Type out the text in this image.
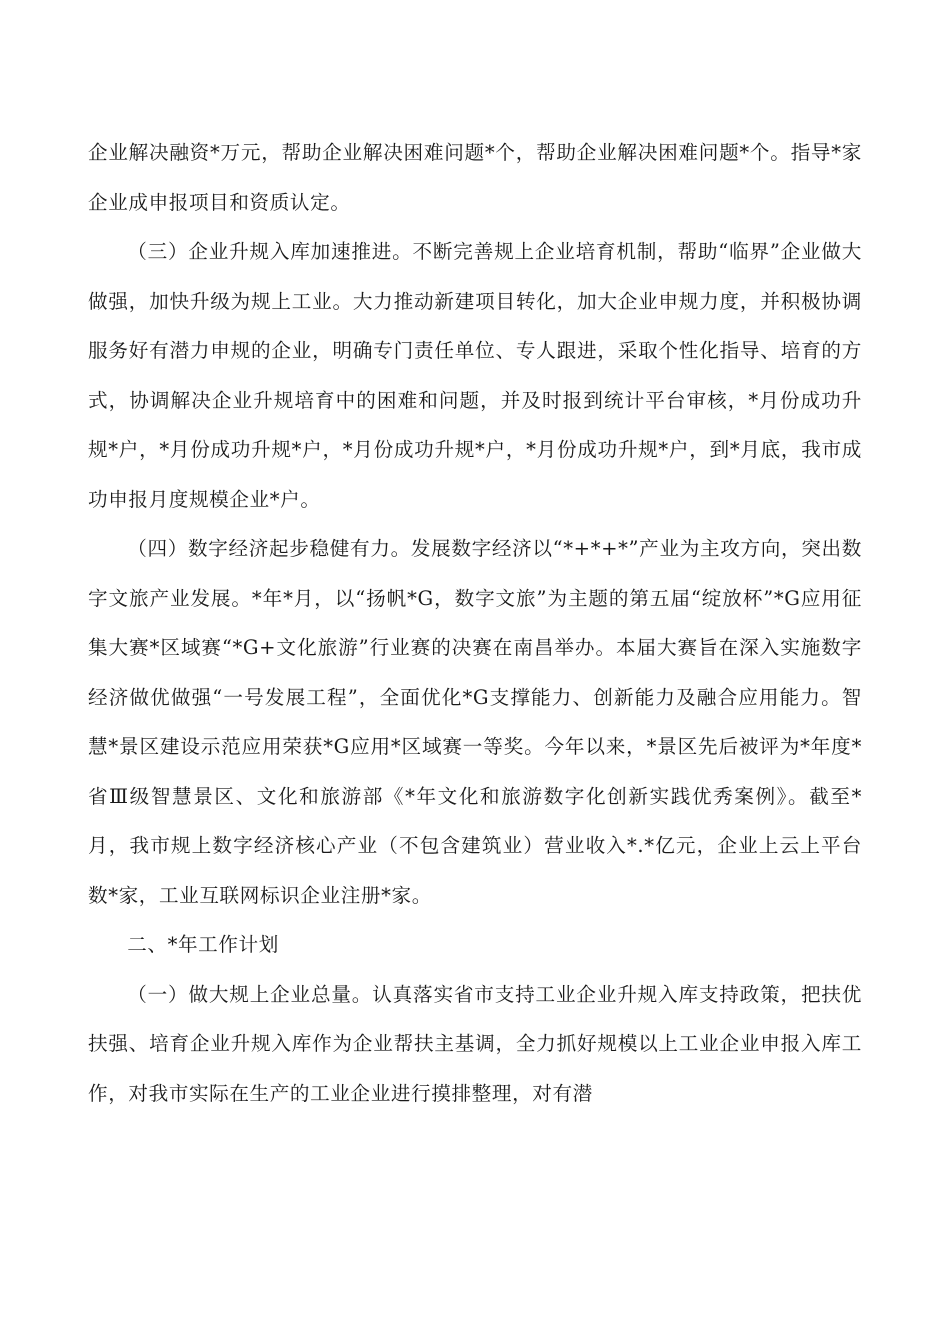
企业解决融资*万元，帮助企业解决困难问题*个，帮助企业解决困难问题*个。指导*家企业成申报项目和资质认定。

（三）企业升规入库加速推进。不断完善规上企业培育机制，帮助“临界”企业做大做强，加快升级为规上工业。大力推动新建项目转化，加大企业申规力度，并积极协调服务好有潜力申规的企业，明确专门责任单位、专人跟进，采取个性化指导、培育的方式，协调解决企业升规培育中的困难和问题，并及时报到统计平台审核，*月份成功升规*户，*月份成功升规*户，*月份成功升规*户，*月份成功升规*户，到*月底，我市成功申报月度规模企业*户。

（四）数字经济起步稳健有力。发展数字经济以“*+*+*”产业为主攻方向，突出数字文旅产业发展。*年*月，以“扬帆*G，数字文旅”为主题的第五届“绽放杯”*G应用征集大赛*区域赛“*G+文化旅游”行业赛的决赛在南昌举办。本届大赛旨在深入实施数字经济做优做强“一号发展工程”，全面优化*G支撑能力、创新能力及融合应用能力。智慧*景区建设示范应用荣获*G应用*区域赛一等奖。今年以来，*景区先后被评为*年度*省Ⅲ级智慧景区、文化和旅游部《*年文化和旅游数字化创新实践优秀案例》。截至*月，我市规上数字经济核心产业（不包含建筑业）营业收入*.*亿元，企业上云上平台数*家，工业互联网标识企业注册*家。

二、*年工作计划

（一）做大规上企业总量。认真落实省市支持工业企业升规入库支持政策，把扶优扶强、培育企业升规入库作为企业帮扶主基调，全力抓好规模以上工业企业申报入库工作，对我市实际在生产的工业企业进行摸排整理，对有潜
